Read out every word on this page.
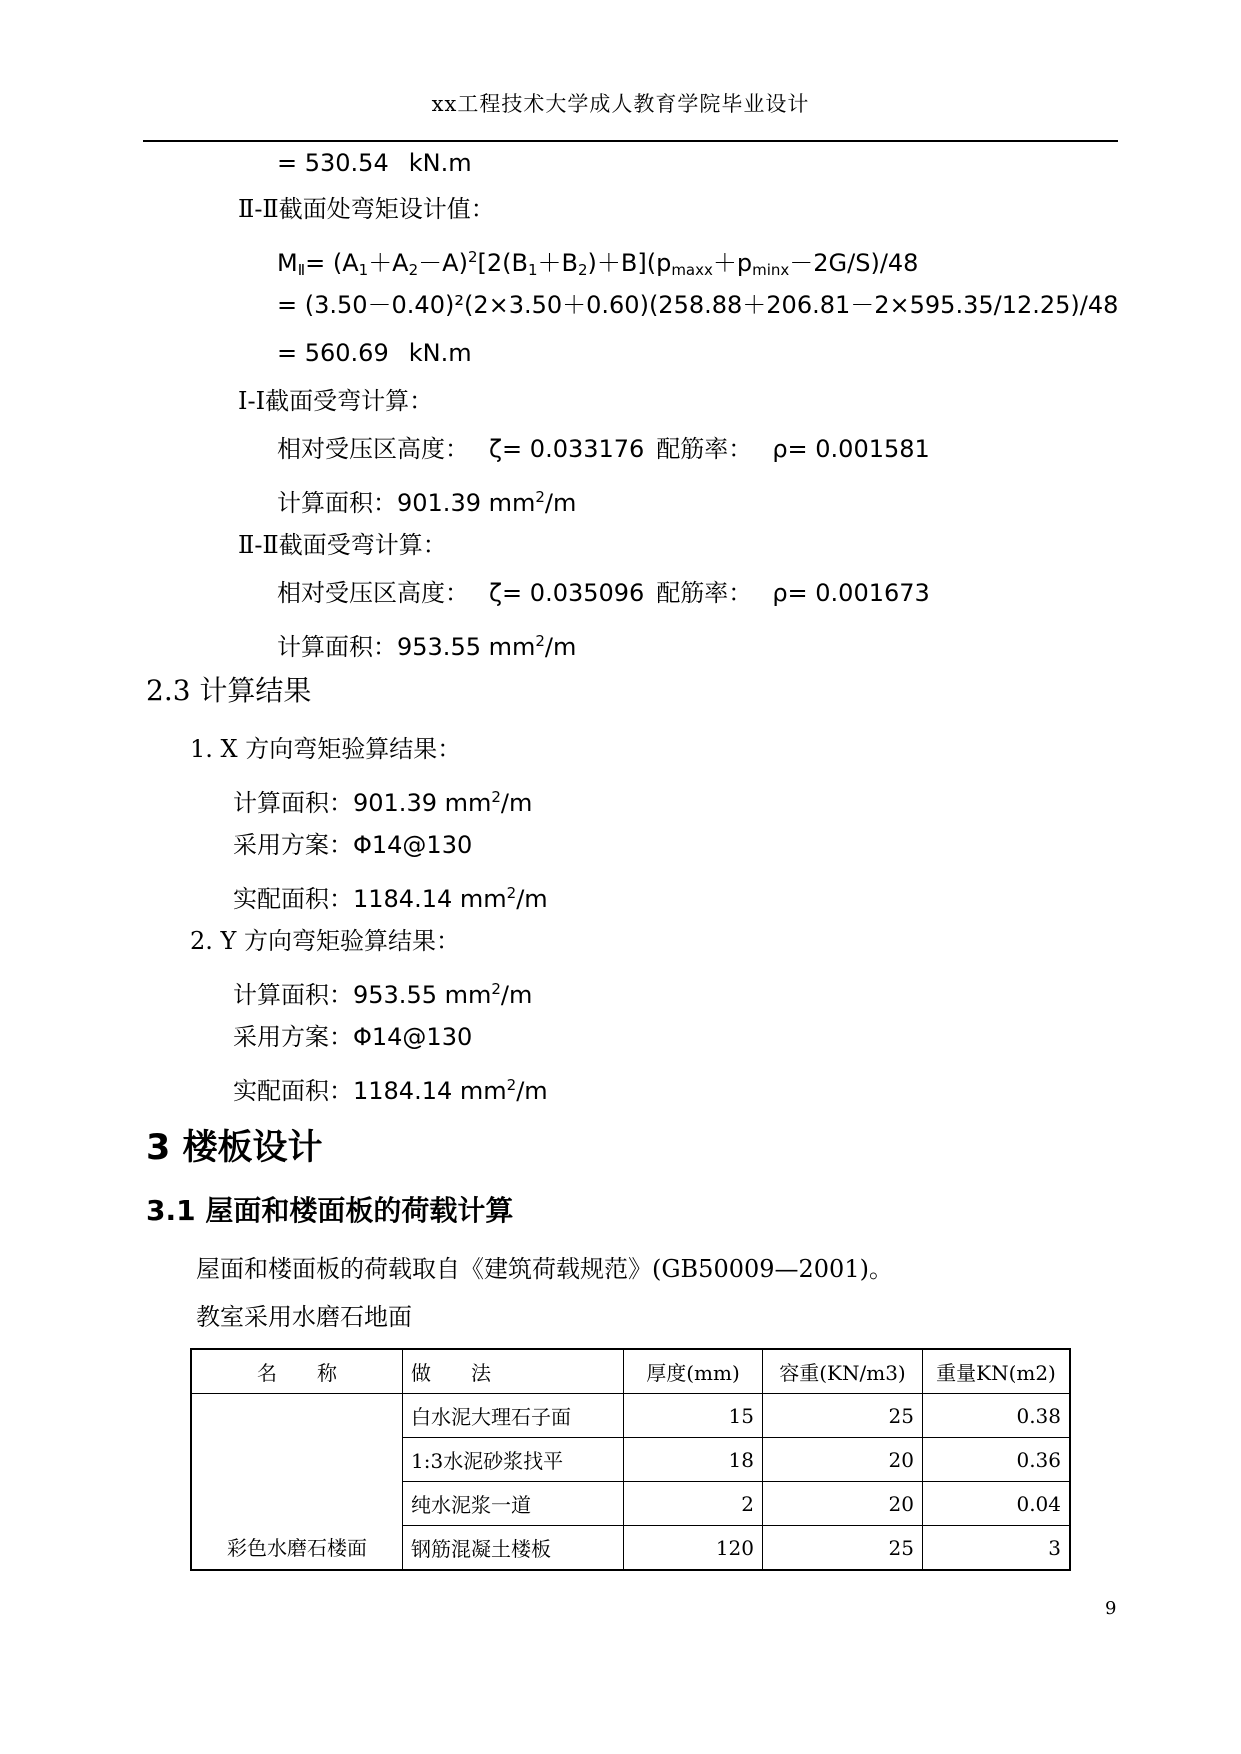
xx工程技术大学成人教育学院毕业设计
= 530.54 kN.m
Ⅱ-Ⅱ截面处弯矩设计值：
$M_Ⅱ= (A_1+A_2-A)^2[2(B_1+B_2)+B](p_{maxx}+p_{minx}-2G/S)/48$
= (3.50－0.40)²(2×3.50＋0.60)(258.88＋206.81－2×595.35/12.25)/48
= 560.69 kN.m
Ⅰ-Ⅰ截面受弯计算：
相对受压区高度： ζ= 0.033176 配筋率： ρ= 0.001581
计算面积：901.39 $mm^2/m$
Ⅱ-Ⅱ截面受弯计算：
相对受压区高度： ζ= 0.035096 配筋率： ρ= 0.001673
计算面积：953.55 $mm^2/m$
2.3 计算结果
1. X 方向弯矩验算结果：
计算面积：901.39 $mm^2/m$
采用方案：Φ14@130
实配面积：1184.14 $mm^2/m$
2. Y 方向弯矩验算结果：
计算面积：953.55 $mm^2/m$
采用方案：Φ14@130
实配面积：1184.14 $mm^2/m$
3 楼板设计
3.1 屋面和楼面板的荷载计算
屋面和楼面板的荷载取自《建筑荷载规范》(GB50009—2001)。
教室采用水磨石地面
名　　称	做　　法	厚度(mm)	容重(KN/m3)	重量KN(m2)
彩色水磨石楼面	白水泥大理石子面	15	25	0.38
	1:3水泥砂浆找平	18	20	0.36
	纯水泥浆一道	2	20	0.04
	钢筋混凝土楼板	120	25	3
9
